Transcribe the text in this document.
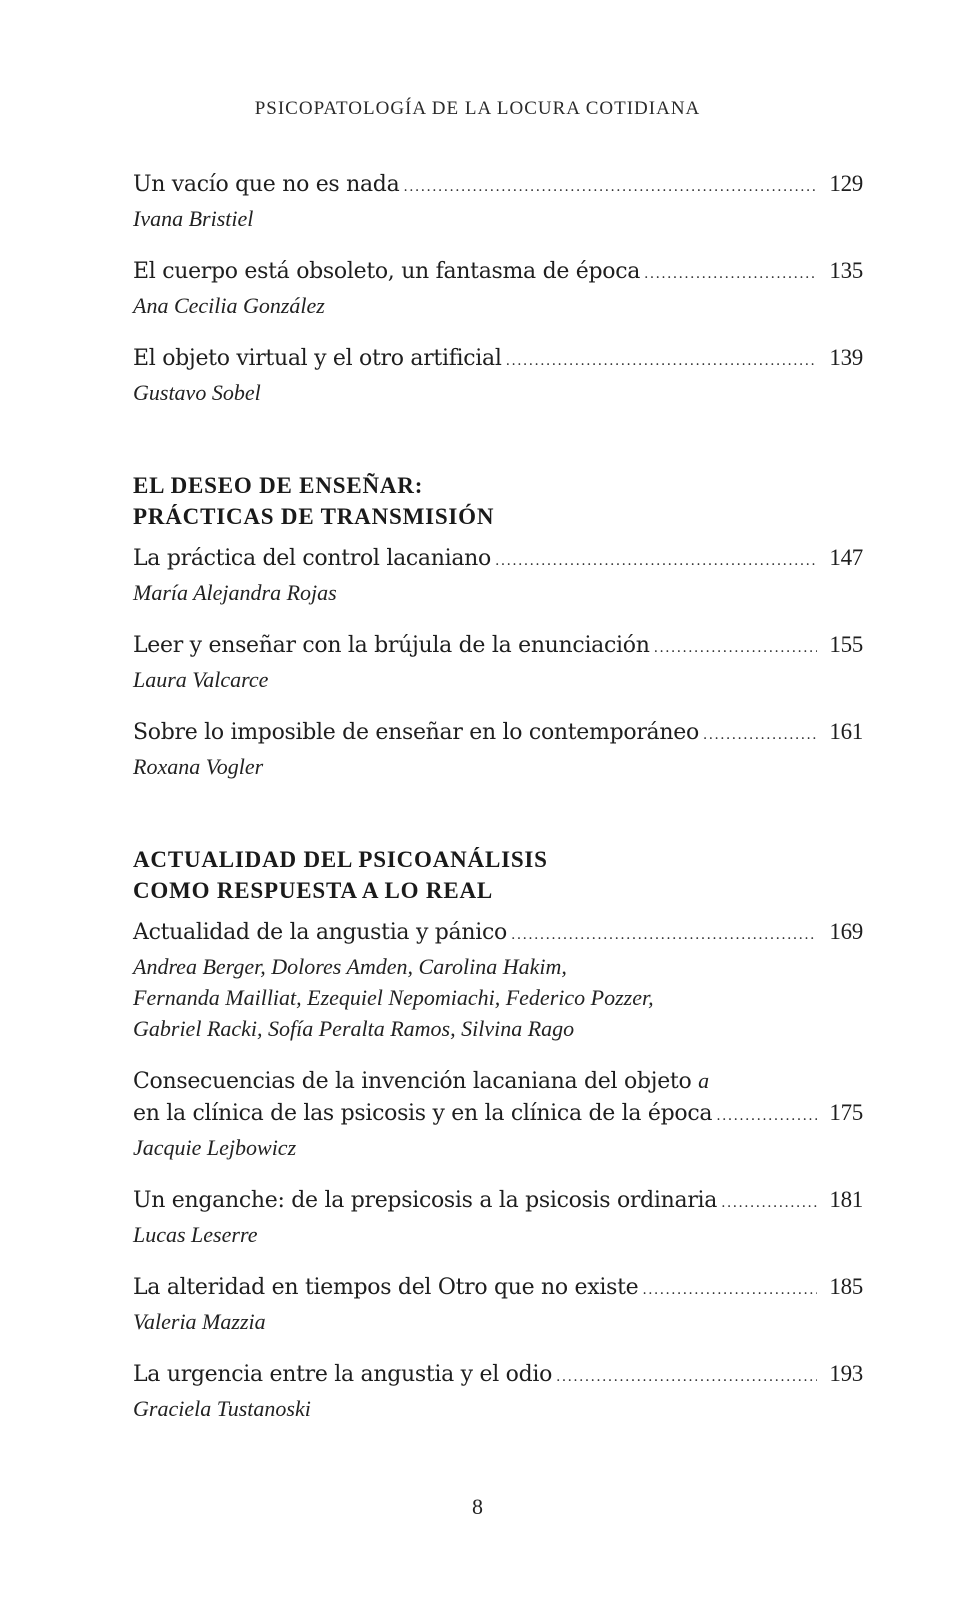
PSICOPATOLOGÍA DE LA LOCURA COTIDIANA
Un vacío que no es nada .....	129
Ivana Bristiel
El cuerpo está obsoleto, un fantasma de época .....	135
Ana Cecilia González
El objeto virtual y el otro artificial .....	139
Gustavo Sobel
EL DESEO DE ENSEÑAR:
PRÁCTICAS DE TRANSMISIÓN
La práctica del control lacaniano .....	147
María Alejandra Rojas
Leer y enseñar con la brújula de la enunciación .....	155
Laura Valcarce
Sobre lo imposible de enseñar en lo contemporáneo .....	161
Roxana Vogler
ACTUALIDAD DEL PSICOANÁLISIS
COMO RESPUESTA A LO REAL
Actualidad de la angustia y pánico .....	169
Andrea Berger, Dolores Amden, Carolina Hakim,
Fernanda Mailliat, Ezequiel Nepomiachi, Federico Pozzer,
Gabriel Racki, Sofía Peralta Ramos, Silvina Rago
Consecuencias de la invención lacaniana del objeto a
en la clínica de las psicosis y en la clínica de la época .....	175
Jacquie Lejbowicz
Un enganche: de la prepsicosis a la psicosis ordinaria .....	181
Lucas Leserre
La alteridad en tiempos del Otro que no existe .....	185
Valeria Mazzia
La urgencia entre la angustia y el odio .....	193
Graciela Tustanoski
8
